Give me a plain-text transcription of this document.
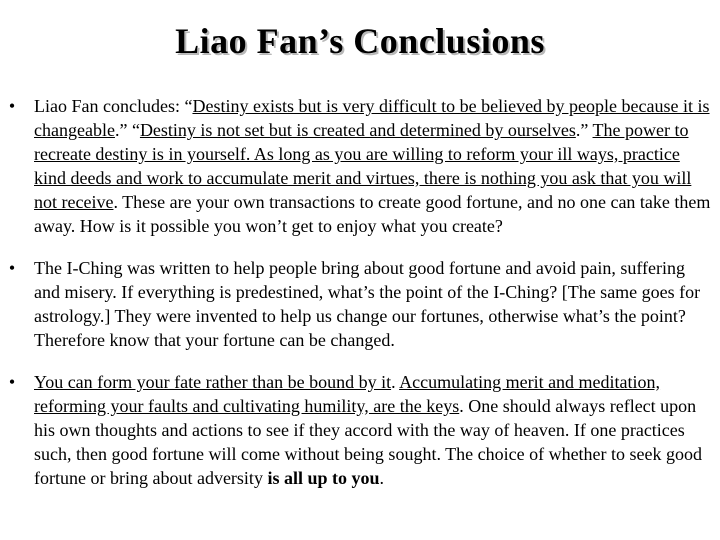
Liao Fan’s Conclusions
• Liao Fan concludes: “Destiny exists but is very difficult to be believed by people because it is changeable.” “Destiny is not set but is created and determined by ourselves.” The power to recreate destiny is in yourself. As long as you are willing to reform your ill ways, practice kind deeds and work to accumulate merit and virtues, there is nothing you ask that you will not receive. These are your own transactions to create good fortune, and no one can take them away. How is it possible you won’t get to enjoy what you create?
• The I-Ching was written to help people bring about good fortune and avoid pain, suffering and misery. If everything is predestined, what’s the point of the I-Ching? [The same goes for astrology.] They were invented to help us change our fortunes, otherwise what’s the point? Therefore know that your fortune can be changed.
• You can form your fate rather than be bound by it. Accumulating merit and meditation, reforming your faults and cultivating humility, are the keys. One should always reflect upon his own thoughts and actions to see if they accord with the way of heaven. If one practices such, then good fortune will come without being sought. The choice of whether to seek good fortune or bring about adversity is all up to you.
